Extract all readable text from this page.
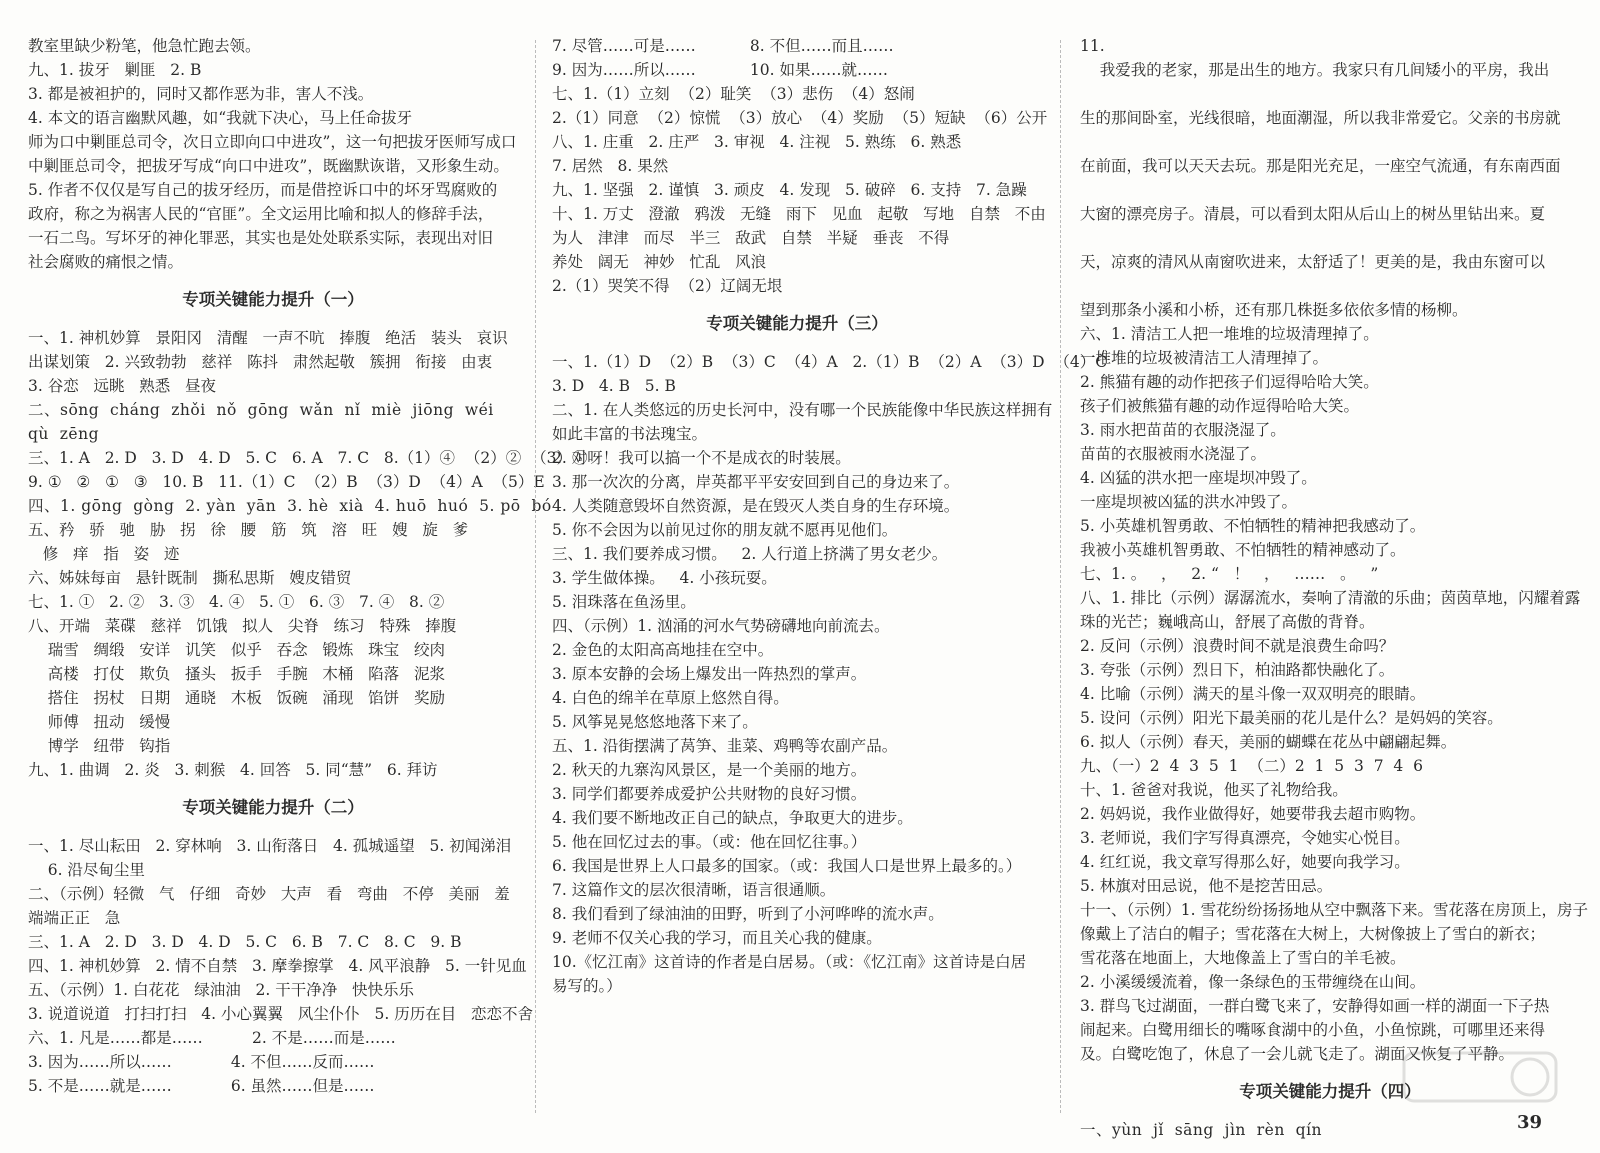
教室里缺少粉笔，他急忙跑去领。
九、1. 拔牙   剿匪   2. B
3. 都是被袒护的，同时又都作恶为非，害人不浅。
4. 本文的语言幽默风趣，如“我就下决心，马上任命拔牙
师为口中剿匪总司令，次日立即向口中进攻”，这一句把拔牙医师写成口
中剿匪总司令，把拔牙写成“向口中进攻”，既幽默诙谐，又形象生动。
5. 作者不仅仅是写自己的拔牙经历，而是借控诉口中的坏牙骂腐败的
政府，称之为祸害人民的“官匪”。全文运用比喻和拟人的修辞手法，
一石二鸟。写坏牙的神化罪恶，其实也是处处联系实际，表现出对旧
社会腐败的痛恨之情。
专项关键能力提升（一）
一、1. 神机妙算   景阳冈   清醒   一声不吭   捧腹   绝活   装头   哀识
出谋划策   2. 兴致勃勃   慈祥   陈抖   肃然起敬   簇拥   衔接   由衷
3. 谷恋   远眺   熟悉   昼夜
二、sōng  cháng  zhǒi  nǒ  gōng  wǎn  nǐ  miè  jiōng  wéi
qù  zēng
三、1. A   2. D   3. D   4. D   5. C   6. A   7. C   8.（1）④  （2）②  （3）①
9. ①   ②   ①   ③   10. B   11.（1）C  （2）B  （3）D  （4）A  （5）E
四、1. gōng  gòng  2. yàn  yān  3. hè  xià  4. huō  huó  5. pō  bó
五、矜   骄   驰   胁   拐   徐   腰   筋   筑   溶   旺   嫂   旋   爹
修   痒   指   姿   迹
六、姊妹每亩   悬针既制   撕私思斯   嫂皮错贸
七、1. ①   2. ②   3. ③   4. ④   5. ①   6. ③   7. ④   8. ②
八、开端   菜碟   慈祥   饥饿   拟人   尖脊   练习   特殊   捧腹
瑞雪   绸缎   安详   讥笑   似乎   吞念   锻炼   珠宝   绞肉
高楼   打仗   欺负   搔头   扳手   手腕   木桶   陷落   泥浆
搭住   拐杖   日期   通晓   木板   饭碗   涌现   馅饼   奖励
师傅   扭动   缓慢
博学   纽带   钩指
九、1. 曲调   2. 炎   3. 刺猴   4. 回答   5. 同“慧”   6. 拜访
专项关键能力提升（二）
一、1. 尽山耘田   2. 穿林响   3. 山衔落日   4. 孤城遥望   5. 初闻涕泪
6. 沿尽甸尘里
二、（示例）轻微   气   仔细   奇妙   大声   看   弯曲   不停   美丽   羞
端端正正   急
三、1. A   2. D   3. D   4. D   5. C   6. B   7. C   8. C   9. B
四、1. 神机妙算   2. 情不自禁   3. 摩拳擦掌   4. 风平浪静   5. 一针见血
五、（示例）1. 白花花   绿油油   2. 干干净净   快快乐乐
3. 说道说道   打扫打扫   4. 小心翼翼   风尘仆仆   5. 历历在目   恋恋不舍
六、1. 凡是……都是……          2. 不是……而是……
3. 因为……所以……            4. 不但……反而……
5. 不是……就是……            6. 虽然……但是……
7. 尽管……可是……           8. 不但……而且……
9. 因为……所以……           10. 如果……就……
七、1.（1）立刻  （2）耻笑  （3）悲伤  （4）怒闹
2.（1）同意  （2）惊慌  （3）放心  （4）奖励  （5）短缺  （6）公开
八、1. 庄重   2. 庄严   3. 审视   4. 注视   5. 熟练   6. 熟悉
7. 居然   8. 果然
九、1. 坚强   2. 谨慎   3. 顽皮   4. 发现   5. 破碎   6. 支持   7. 急躁
十、1. 万丈   澄澈   鸦泼   无缝   雨下   见血   起敬   写地   自禁   不由
为人   津津   而尽   半三   敌武   自禁   半疑   垂丧   不得
养处   阔无   神妙   忙乱   风浪
2.（1）哭笑不得  （2）辽阔无垠
专项关键能力提升（三）
一、1.（1）D  （2）B  （3）C  （4）A   2.（1）B  （2）A  （3）D  （4）C
3. D   4. B   5. B
二、1. 在人类悠远的历史长河中，没有哪一个民族能像中华民族这样拥有
如此丰富的书法瑰宝。
2. 对呀！我可以搞一个不是成衣的时装展。
3. 那一次次的分离，岸英都平平安安回到自己的身边来了。
4. 人类随意毁坏自然资源，是在毁灭人类自身的生存环境。
5. 你不会因为以前见过你的朋友就不愿再见他们。
三、1. 我们要养成习惯。   2. 人行道上挤满了男女老少。
3. 学生做体操。   4. 小孩玩耍。
5. 泪珠落在鱼汤里。
四、（示例）1. 汹涌的河水气势磅礴地向前流去。
2. 金色的太阳高高地挂在空中。
3. 原本安静的会场上爆发出一阵热烈的掌声。
4. 白色的绵羊在草原上悠然自得。
5. 风筝晃晃悠悠地落下来了。
五、1. 沿街摆满了莴笋、韭菜、鸡鸭等农副产品。
2. 秋天的九寨沟风景区，是一个美丽的地方。
3. 同学们都要养成爱护公共财物的良好习惯。
4. 我们要不断地改正自己的缺点，争取更大的进步。
5. 他在回忆过去的事。（或：他在回忆往事。）
6. 我国是世界上人口最多的国家。（或：我国人口是世界上最多的。）
7. 这篇作文的层次很清晰，语言很通顺。
8. 我们看到了绿油油的田野，听到了小河哗哗的流水声。
9. 老师不仅关心我的学习，而且关心我的健康。
10.《忆江南》这首诗的作者是白居易。（或：《忆江南》这首诗是白居
易写的。）
11.
我爱我的老家，那是出生的地方。我家只有几间矮小的平房，我出
生的那间卧室，光线很暗，地面潮湿，所以我非常爱它。父亲的书房就
在前面，我可以天天去玩。那是阳光充足，一座空气流通，有东南西面
大窗的漂亮房子。清晨，可以看到太阳从后山上的树丛里钻出来。夏
天，凉爽的清风从南窗吹进来，太舒适了！更美的是，我由东窗可以
望到那条小溪和小桥，还有那几株挺多依依多情的杨柳。
六、1. 清洁工人把一堆堆的垃圾清理掉了。
一堆堆的垃圾被清洁工人清理掉了。
2. 熊猫有趣的动作把孩子们逗得哈哈大笑。
孩子们被熊猫有趣的动作逗得哈哈大笑。
3. 雨水把苗苗的衣服浇湿了。
苗苗的衣服被雨水浇湿了。
4. 凶猛的洪水把一座堤坝冲毁了。
一座堤坝被凶猛的洪水冲毁了。
5. 小英雄机智勇敢、不怕牺牲的精神把我感动了。
我被小英雄机智勇敢、不怕牺牲的精神感动了。
七、1. 。   ，   2. “   ！   ，   ……   。   ”
八、1. 排比（示例）潺潺流水，奏响了清澈的乐曲；茵茵草地，闪耀着露
珠的光芒；巍峨高山，舒展了高傲的背脊。
2. 反问（示例）浪费时间不就是浪费生命吗？
3. 夸张（示例）烈日下，柏油路都快融化了。
4. 比喻（示例）满天的星斗像一双双明亮的眼睛。
5. 设问（示例）阳光下最美丽的花儿是什么？是妈妈的笑容。
6. 拟人（示例）春天，美丽的蝴蝶在花丛中翩翩起舞。
九、（一）2  4  3  5  1  （二）2  1  5  3  7  4  6
十、1. 爸爸对我说，他买了礼物给我。
2. 妈妈说，我作业做得好，她要带我去超市购物。
3. 老师说，我们字写得真漂亮，令她实心悦目。
4. 红红说，我文章写得那么好，她要向我学习。
5. 林旗对田忌说，他不是挖苦田忌。
十一、（示例）1. 雪花纷纷扬扬地从空中飘落下来。雪花落在房顶上，房子
像戴上了洁白的帽子；雪花落在大树上，大树像披上了雪白的新衣；
雪花落在地面上，大地像盖上了雪白的羊毛被。
2. 小溪缓缓流着，像一条绿色的玉带缠绕在山间。
3. 群鸟飞过湖面，一群白鹭飞来了，安静得如画一样的湖面一下子热
闹起来。白鹭用细长的嘴啄食湖中的小鱼，小鱼惊跳，可哪里还来得
及。白鹭吃饱了，休息了一会儿就飞走了。湖面又恢复了平静。
专项关键能力提升（四）
一、yùn  jǐ  sāng  jìn  rèn  qín	39
